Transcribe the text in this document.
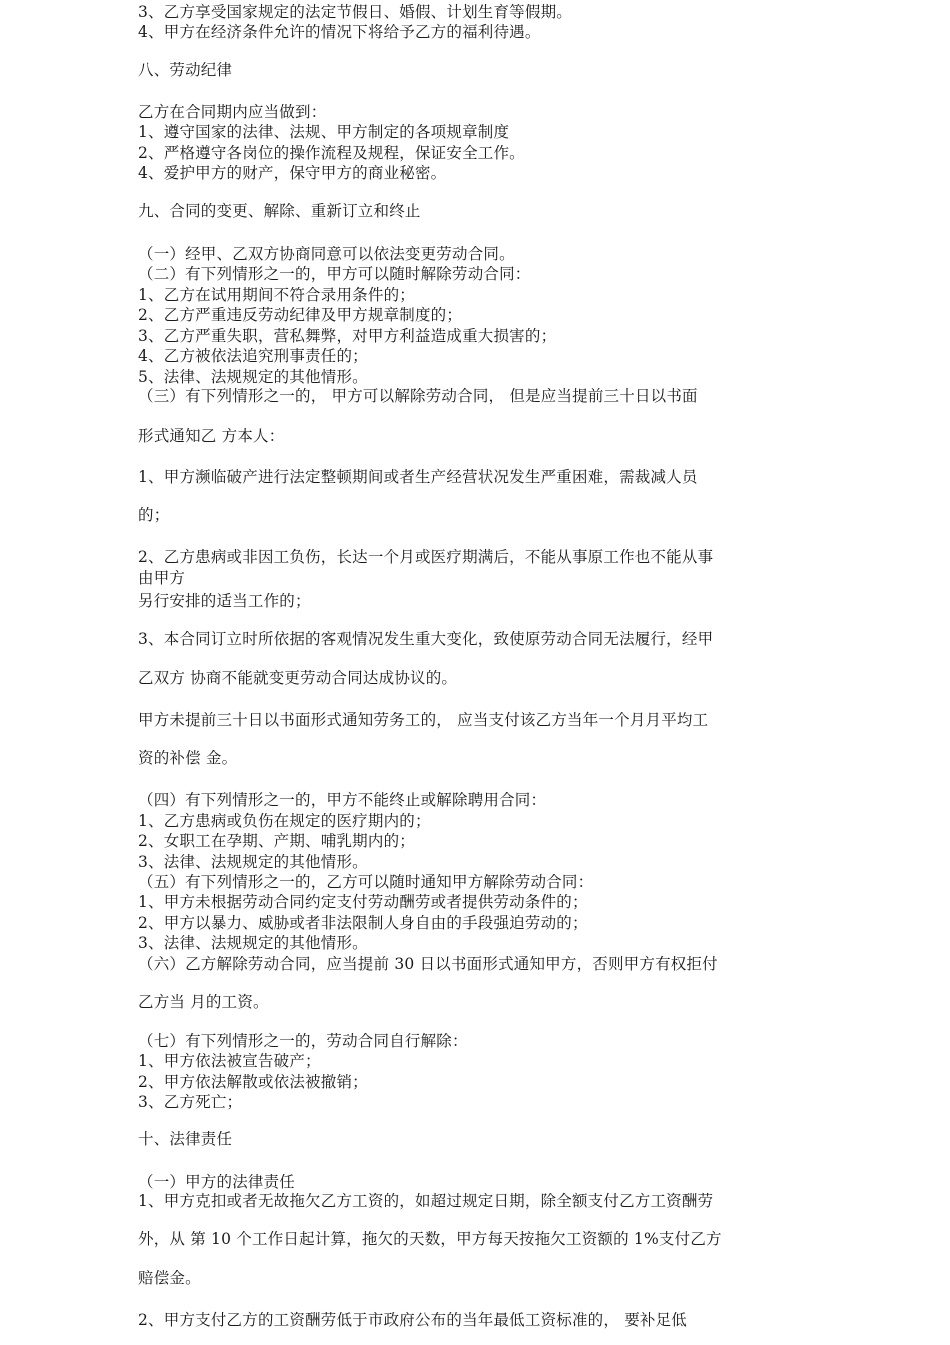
3、乙方享受国家规定的法定节假日、婚假、计划生育等假期。
4、甲方在经济条件允许的情况下将给予乙方的福利待遇。
八、劳动纪律
乙方在合同期内应当做到：
1、遵守国家的法律、法规、甲方制定的各项规章制度
2、严格遵守各岗位的操作流程及规程，保证安全工作。
4、爱护甲方的财产，保守甲方的商业秘密。
九、合同的变更、解除、重新订立和终止
（一）经甲、乙双方协商同意可以依法变更劳动合同。
（二）有下列情形之一的，甲方可以随时解除劳动合同：
1、乙方在试用期间不符合录用条件的；
2、乙方严重违反劳动纪律及甲方规章制度的；
3、乙方严重失职，营私舞弊，对甲方利益造成重大损害的；
4、乙方被依法追究刑事责任的；
5、法律、法规规定的其他情形。
（三）有下列情形之一的， 甲方可以解除劳动合同， 但是应当提前三十日以书面
形式通知乙 方本人：
1、甲方濒临破产进行法定整顿期间或者生产经营状况发生严重困难，需裁减人员
的；
2、乙方患病或非因工负伤，长达一个月或医疗期满后，不能从事原工作也不能从事
由甲方
另行安排的适当工作的；
3、本合同订立时所依据的客观情况发生重大变化，致使原劳动合同无法履行，经甲
乙双方 协商不能就变更劳动合同达成协议的。
甲方未提前三十日以书面形式通知劳务工的， 应当支付该乙方当年一个月月平均工
资的补偿 金。
（四）有下列情形之一的，甲方不能终止或解除聘用合同：
1、乙方患病或负伤在规定的医疗期内的；
2、女职工在孕期、产期、哺乳期内的；
3、法律、法规规定的其他情形。
（五）有下列情形之一的，乙方可以随时通知甲方解除劳动合同：
1、甲方未根据劳动合同约定支付劳动酬劳或者提供劳动条件的；
2、甲方以暴力、威胁或者非法限制人身自由的手段强迫劳动的；
3、法律、法规规定的其他情形。
（六）乙方解除劳动合同，应当提前 30 日以书面形式通知甲方，否则甲方有权拒付
乙方当 月的工资。
（七）有下列情形之一的，劳动合同自行解除：
1、甲方依法被宣告破产；
2、甲方依法解散或依法被撤销；
3、乙方死亡；
十、法律责任
（一）甲方的法律责任
1、甲方克扣或者无故拖欠乙方工资的，如超过规定日期，除全额支付乙方工资酬劳
外，从 第 10 个工作日起计算，拖欠的天数，甲方每天按拖欠工资额的 1%支付乙方
赔偿金。
2、甲方支付乙方的工资酬劳低于市政府公布的当年最低工资标准的， 要补足低
